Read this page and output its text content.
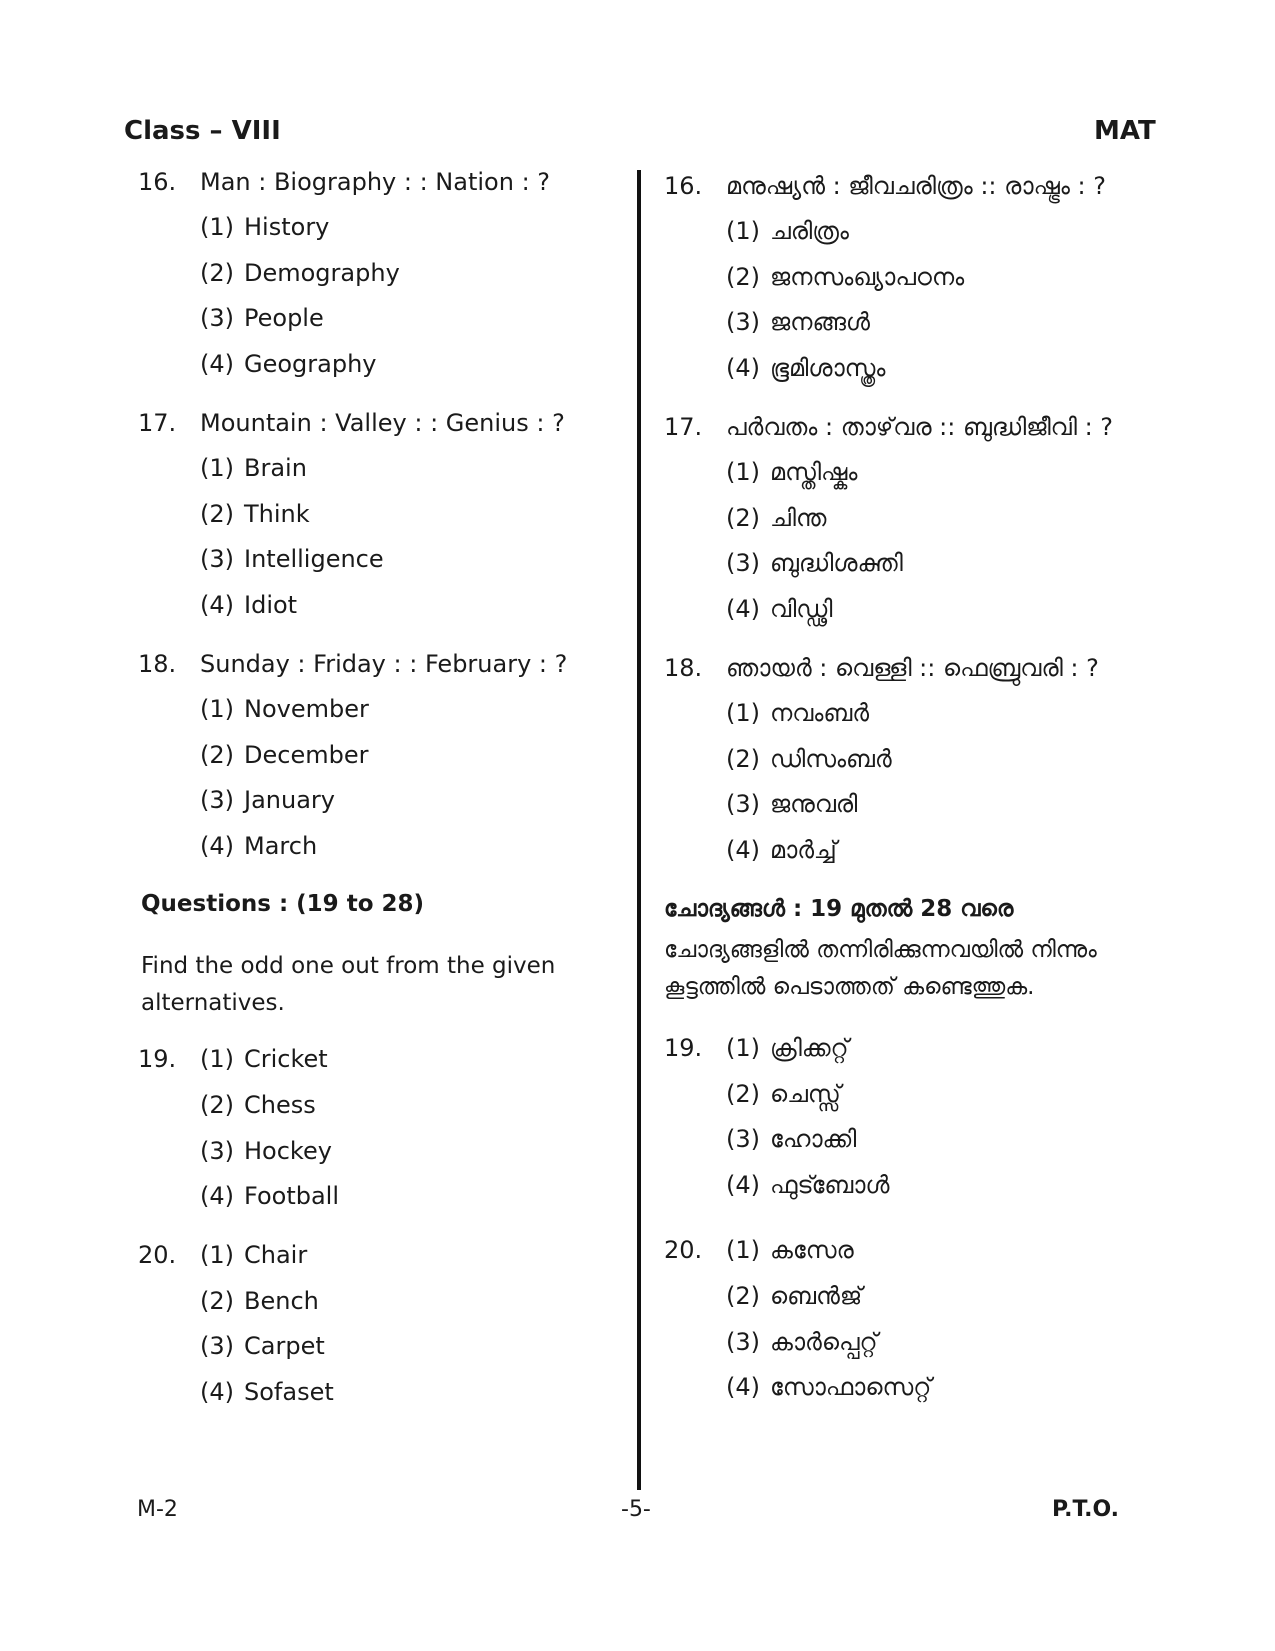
Class – VIII	MAT
16. Man : Biography : : Nation : ?
(1) History
(2) Demography
(3) People
(4) Geography
17. Mountain : Valley : : Genius : ?
(1) Brain
(2) Think
(3) Intelligence
(4) Idiot
18. Sunday : Friday : : February : ?
(1) November
(2) December
(3) January
(4) March
Questions : (19 to 28)
Find the odd one out from the given alternatives.
19. (1) Cricket
(2) Chess
(3) Hockey
(4) Football
20. (1) Chair
(2) Bench
(3) Carpet
(4) Sofaset
16. മനുഷ്യൻ : ജീവചരിത്രം :: രാഷ്ട്രം : ?
(1) ചരിത്രം
(2) ജനസംഖ്യാപഠനം
(3) ജനങ്ങൾ
(4) ഭൂമിശാസ്ത്രം
17. പർവതം : താഴ്‌വര :: ബുദ്ധിജീവി : ?
(1) മസ്തിഷ്കം
(2) ചിന്ത
(3) ബുദ്ധിശക്തി
(4) വിഡ്ഢി
18. ഞായർ : വെള്ളി :: ഫെബ്രുവരി : ?
(1) നവംബർ
(2) ഡിസംബർ
(3) ജനുവരി
(4) മാർച്ച്
ചോദ്യങ്ങൾ : 19 മുതൽ 28 വരെ
ചോദ്യങ്ങളിൽ തന്നിരിക്കുന്നവയിൽ നിന്നും കൂട്ടത്തിൽ പെടാത്തത് കണ്ടെത്തുക.
19. (1) ക്രിക്കറ്റ്
(2) ചെസ്സ്
(3) ഹോക്കി
(4) ഫുട്ബോൾ
20. (1) കസേര
(2) ബെൻജ്
(3) കാർപ്പെറ്റ്
(4) സോഫാസെറ്റ്
M-2	-5-	P.T.O.
